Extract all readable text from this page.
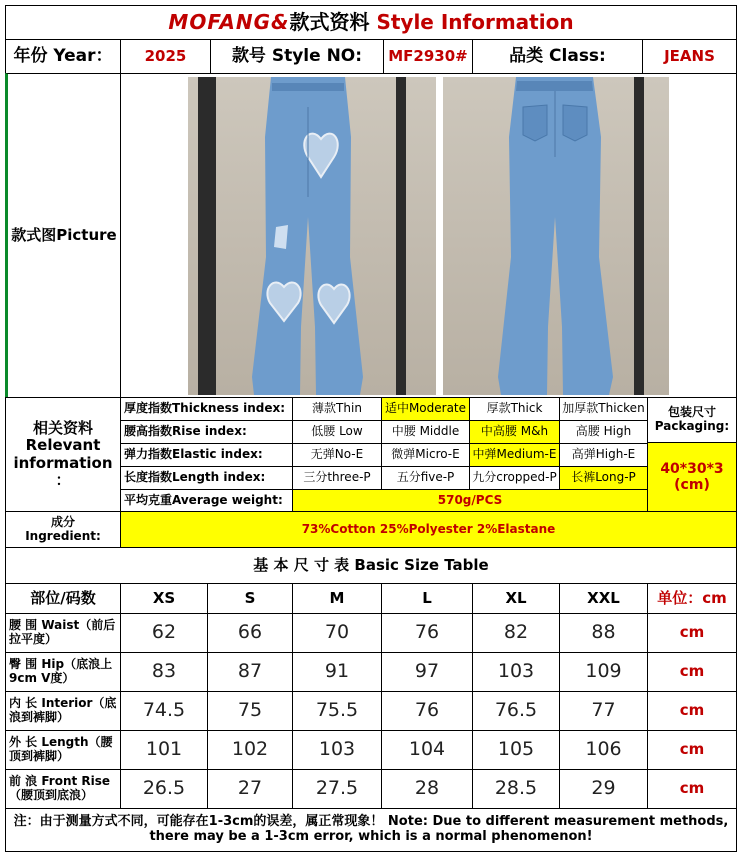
MOFANG& 款式资料
Style Information
年份 Year：	2025	款号 Style NO:	MF2930#	品类 Class:	JEANS
款式图Picture
相关资料
Relevant
information
：
厚度指数Thickness index:	薄款Thin	适中Moderate	厚款Thick	加厚款Thicken
腰高指数Rise index:	低腰 Low	中腰 Middle	中高腰 M&h	高腰 High
弹力指数Elastic index:	无弹No-E	微弹Micro-E	中弹Medium-E	高弹High-E
长度指数Length index:	三分three-P	五分five-P	九分cropped-P	长裤Long-P
平均克重Average weight:	570g/PCS
包装尺寸Packaging:
40*30*3 (cm)
成分 Ingredient:	73%Cotton 25%Polyester 2%Elastane
基 本 尺 寸 表 Basic Size Table
部位/码数	XS	S	M	L	XL	XXL	单位：cm
腰 围 Waist（前后拉平度）	62	66	70	76	82	88	cm
臀 围 Hip（底浪上9cm V度）	83	87	91	97	103	109	cm
内 长 Interior（底浪到裤脚）	74.5	75	75.5	76	76.5	77	cm
外 长 Length（腰顶到裤脚）	101	102	103	104	105	106	cm
前 浪 Front Rise（腰顶到底浪）	26.5	27	27.5	28	28.5	29	cm
注：由于测量方式不同，可能存在1-3cm的误差，属正常现象！ Note: Due to different measurement methods, there may be a 1-3cm error, which is a normal phenomenon!
